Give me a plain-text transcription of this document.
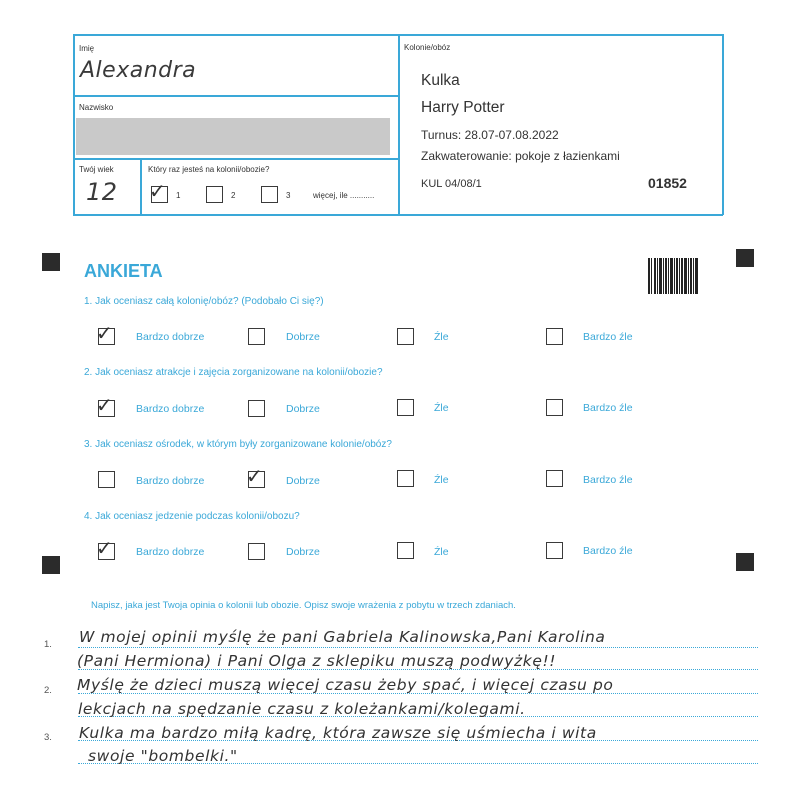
Imię
Alexandra
Nazwisko
Twój wiek
12
Który raz jesteś na kolonii/obozie?
✓ 1	2	3	więcej, ile ...........
Kolonie/obóz
Kulka
Harry Potter
Turnus: 28.07-07.08.2022
Zakwaterowanie: pokoje z łazienkami
KUL 04/08/1	01852
ANKIETA
1. Jak oceniasz całą kolonię/obóz? (Podobało Ci się?)
✓ Bardzo dobrze	Dobrze	Źle	Bardzo źle
2. Jak oceniasz atrakcje i zajęcia zorganizowane na kolonii/obozie?
✓ Bardzo dobrze	Dobrze	Źle	Bardzo źle
3. Jak oceniasz ośrodek, w którym były zorganizowane kolonie/obóz?
Bardzo dobrze ✓ Dobrze	Źle	Bardzo źle
4. Jak oceniasz jedzenie podczas kolonii/obozu?
✓ Bardzo dobrze	Dobrze	Źle	Bardzo źle
Napisz, jaka jest Twoja opinia o kolonii lub obozie. Opisz swoje wrażenia z pobytu w trzech zdaniach.
1.
2.
3.
W mojej opinii myślę że pani Gabriela Kalinowska,Pani Karolina
(Pani Hermiona) i Pani Olga z sklepiku muszą podwyżkę!!
Myślę że dzieci muszą więcej czasu żeby spać, i więcej czasu po
lekcjach na spędzanie czasu z koleżankami/kolegami.
Kulka ma bardzo miłą kadrę, która zawsze się uśmiecha i wita
swoje "bombelki."
